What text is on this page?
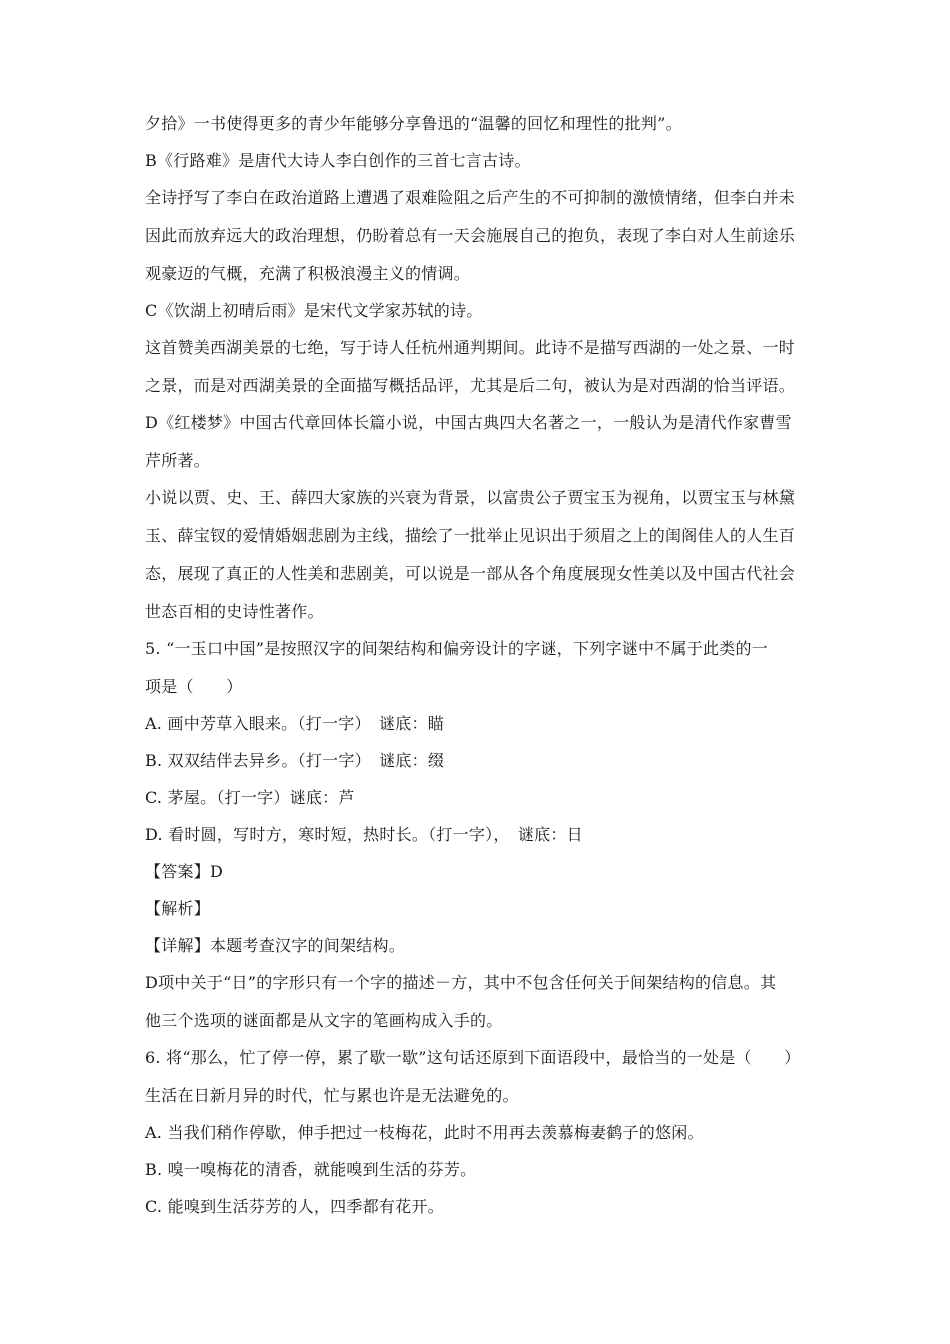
夕拾》一书使得更多的青少年能够分享鲁迅的“温馨的回忆和理性的批判”。

B《行路难》是唐代大诗人李白创作的三首七言古诗。

全诗抒写了李白在政治道路上遭遇了艰难险阻之后产生的不可抑制的激愤情绪，但李白并未

因此而放弃远大的政治理想，仍盼着总有一天会施展自己的抱负，表现了李白对人生前途乐

观豪迈的气概，充满了积极浪漫主义的情调。

C《饮湖上初晴后雨》是宋代文学家苏轼的诗。

这首赞美西湖美景的七绝，写于诗人任杭州通判期间。此诗不是描写西湖的一处之景、一时

之景，而是对西湖美景的全面描写概括品评，尤其是后二句，被认为是对西湖的恰当评语。

D《红楼梦》中国古代章回体长篇小说，中国古典四大名著之一，一般认为是清代作家曹雪

芹所著。

小说以贾、史、王、薛四大家族的兴衰为背景，以富贵公子贾宝玉为视角，以贾宝玉与林黛

玉、薛宝钗的爱情婚姻悲剧为主线，描绘了一批举止见识出于须眉之上的闺阁佳人的人生百

态，展现了真正的人性美和悲剧美，可以说是一部从各个角度展现女性美以及中国古代社会

世态百相的史诗性著作。

5. “一玉口中国”是按照汉字的间架结构和偏旁设计的字谜，下列字谜中不属于此类的一

项是（　　）

A. 画中芳草入眼来。（打一字）　谜底：瞄

B. 双双结伴去异乡。（打一字）　谜底：缀

C. 茅屋。（打一字）谜底：芦

D. 看时圆，写时方，寒时短，热时长。（打一字），　谜底：日

【答案】D

【解析】

【详解】本题考查汉字的间架结构。

D项中关于“日”的字形只有一个字的描述－方，其中不包含任何关于间架结构的信息。其

他三个选项的谜面都是从文字的笔画构成入手的。

6. 将“那么，忙了停一停，累了歇一歇”这句话还原到下面语段中，最恰当的一处是（　　）

生活在日新月异的时代，忙与累也许是无法避免的。

A. 当我们稍作停歇，伸手把过一枝梅花，此时不用再去羡慕梅妻鹤子的悠闲。

B. 嗅一嗅梅花的清香，就能嗅到生活的芬芳。

C. 能嗅到生活芬芳的人，四季都有花开。
